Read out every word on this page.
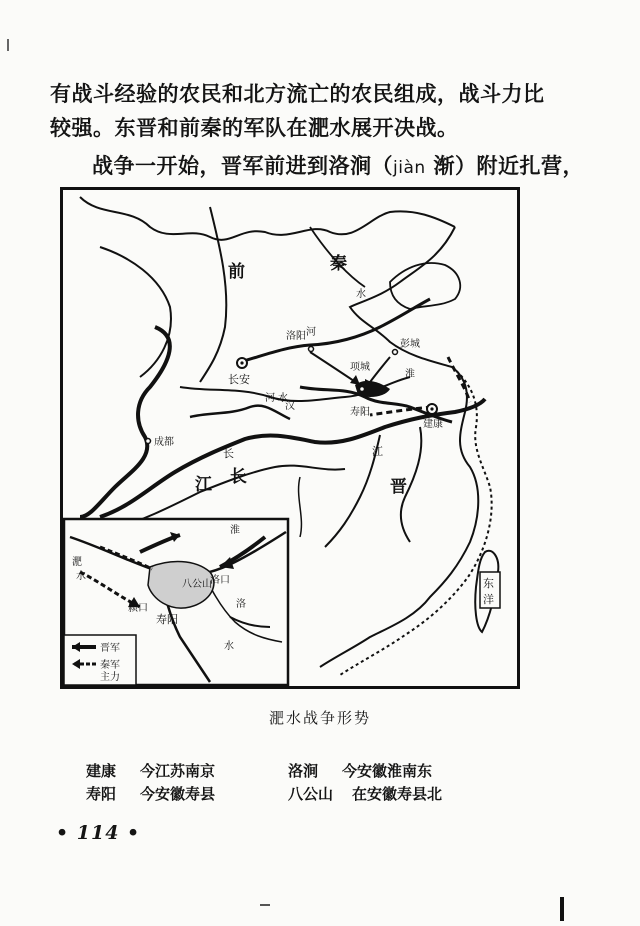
有战斗经验的农民和北方流亡的农民组成，战斗力比
较强。东晋和前秦的军队在淝水展开决战。
战争一开始，晋军前进到洛涧（jiàn 渐）附近扎营，
前	秦
晋
长
江
长	江
东
洋
长安
洛阳
项城
彭城
寿阳
建康
成都
河
水
淮
汉
河 水
淝
水
淮
八公山
洛口
颍口
寿阳
水
洛
晋军
秦军
主力
淝水战争形势
建康 今江苏南京
寿阳 今安徽寿县
洛涧 今安徽淮南东
八公山 在安徽寿县北
• 114 •
